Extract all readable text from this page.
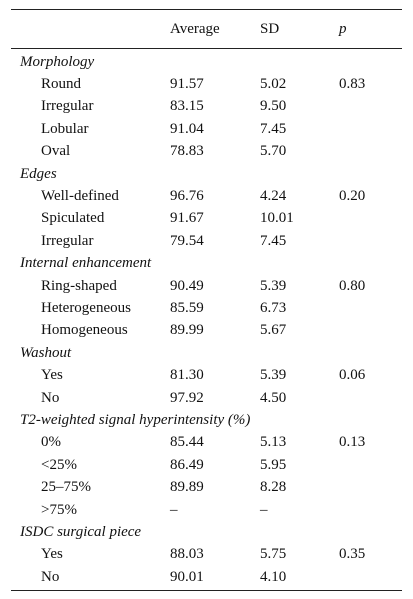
Average	SD	p
Morphology
Round	91.57	5.02	0.83
Irregular	83.15	9.50
Lobular	91.04	7.45
Oval	78.83	5.70
Edges
Well-defined	96.76	4.24	0.20
Spiculated	91.67	10.01
Irregular	79.54	7.45
Internal enhancement
Ring-shaped	90.49	5.39	0.80
Heterogeneous	85.59	6.73
Homogeneous	89.99	5.67
Washout
Yes	81.30	5.39	0.06
No	97.92	4.50
T2-weighted signal hyperintensity (%)
0%	85.44	5.13	0.13
<25%	86.49	5.95
25–75%	89.89	8.28
>75%	–	–
ISDC surgical piece
Yes	88.03	5.75	0.35
No	90.01	4.10
